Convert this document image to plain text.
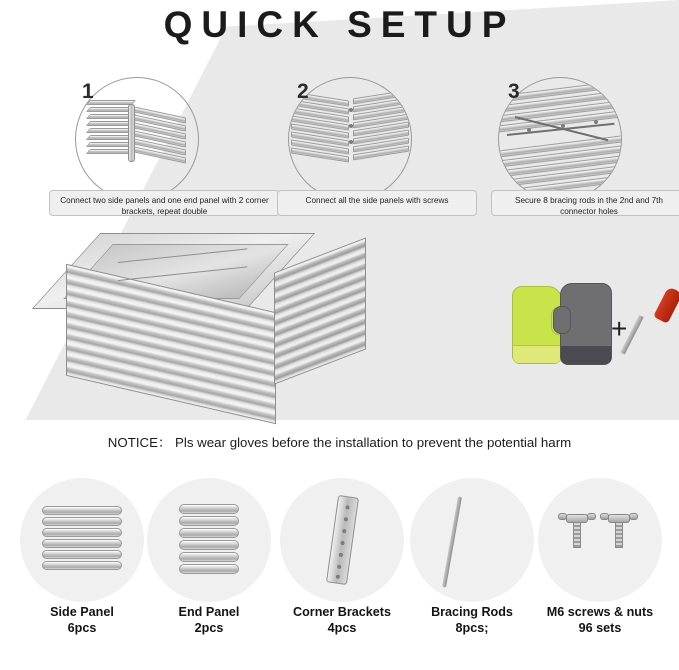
QUICK SETUP
1
Connect two side panels and one end panel with 2 corner brackets, repeat double
2
Connect all the side panels with screws
3
Secure 8 bracing rods in the 2nd and 7th connector holes
+
NOTICE： Pls wear gloves before the installation to prevent the potential harm
Side Panel
6pcs
End Panel
2pcs
Corner Brackets
4pcs
Bracing Rods
8pcs;
M6 screws & nuts
96 sets
